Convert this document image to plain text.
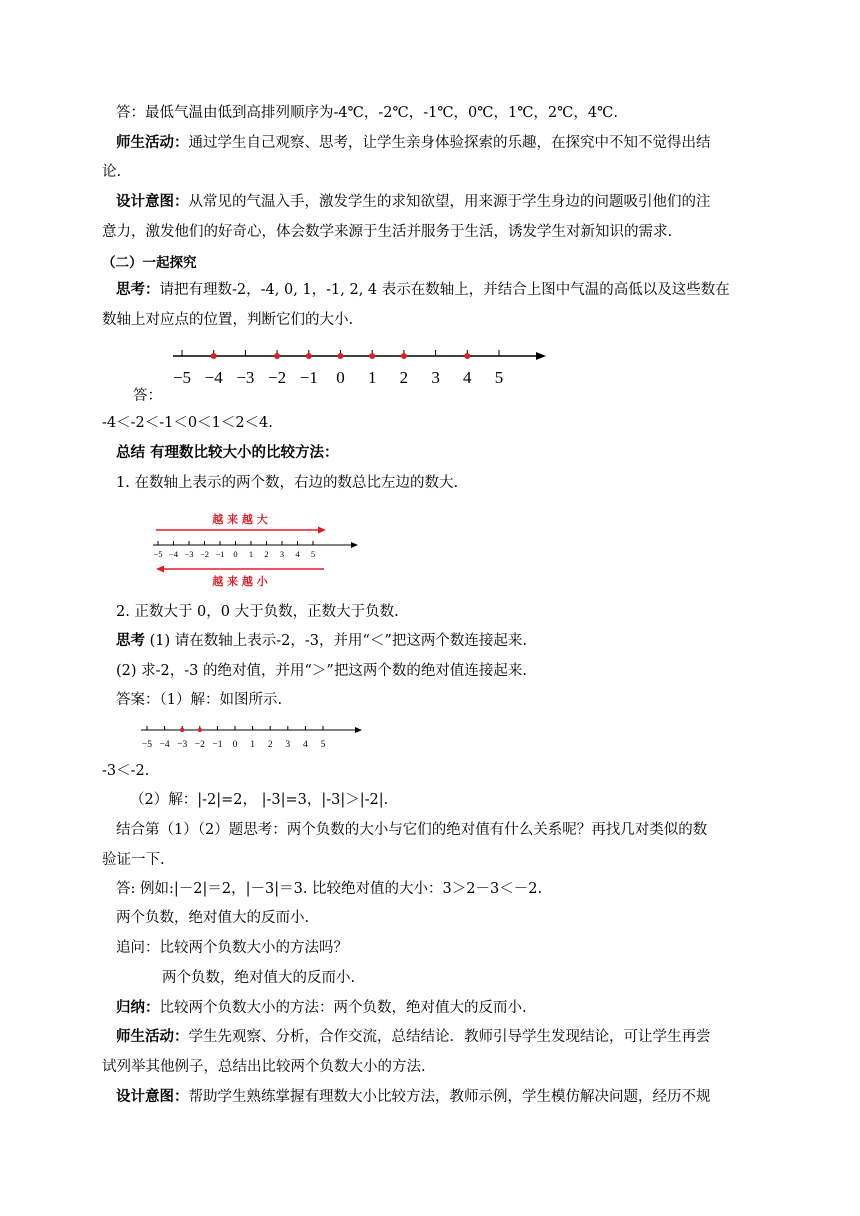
答：最低气温由低到高排列顺序为-4℃，-2℃，-1℃，0℃，1℃，2℃，4℃.
师生活动：通过学生自己观察、思考，让学生亲身体验探索的乐趣，在探究中不知不觉得出结
论.
设计意图：从常见的气温入手，激发学生的求知欲望，用来源于学生身边的问题吸引他们的注
意力，激发他们的好奇心，体会数学来源于生活并服务于生活，诱发学生对新知识的需求.
（二）一起探究
思考：请把有理数-2，-4, 0, 1，-1, 2, 4 表示在数轴上，并结合上图中气温的高低以及这些数在
数轴上对应点的位置，判断它们的大小.
−5 −4 −3 −2 −1 0 1 2 3 4 5
答：
-4＜-2＜-1＜0＜1＜2＜4.
总结 有理数比较大小的比较方法：
1. 在数轴上表示的两个数，右边的数总比左边的数大.
越 来 越 大
−5 −4 −3 −2 −1 0 1 2 3 4 5
越 来 越 小
2. 正数大于 0，0 大于负数，正数大于负数.
思考 (1) 请在数轴上表示-2，-3，并用“＜”把这两个数连接起来.
(2) 求-2，-3 的绝对值，并用“＞”把这两个数的绝对值连接起来.
答案：（1）解：如图所示.
−5 −4 −3 −2 −1 0 1 2 3 4 5
-3＜-2.
（2）解：|-2|=2， |-3|=3，|-3|＞|-2|.
结合第（1）（2）题思考：两个负数的大小与它们的绝对值有什么关系呢？再找几对类似的数
验证一下.
答: 例如:|－2|＝2，|－3|＝3. 比较绝对值的大小：3＞2－3＜－2.
两个负数，绝对值大的反而小.
追问：比较两个负数大小的方法吗？
两个负数，绝对值大的反而小.
归纳：比较两个负数大小的方法：两个负数，绝对值大的反而小.
师生活动：学生先观察、分析，合作交流，总结结论．教师引导学生发现结论，可让学生再尝
试列举其他例子，总结出比较两个负数大小的方法.
设计意图：帮助学生熟练掌握有理数大小比较方法，教师示例，学生模仿解决问题，经历不规
